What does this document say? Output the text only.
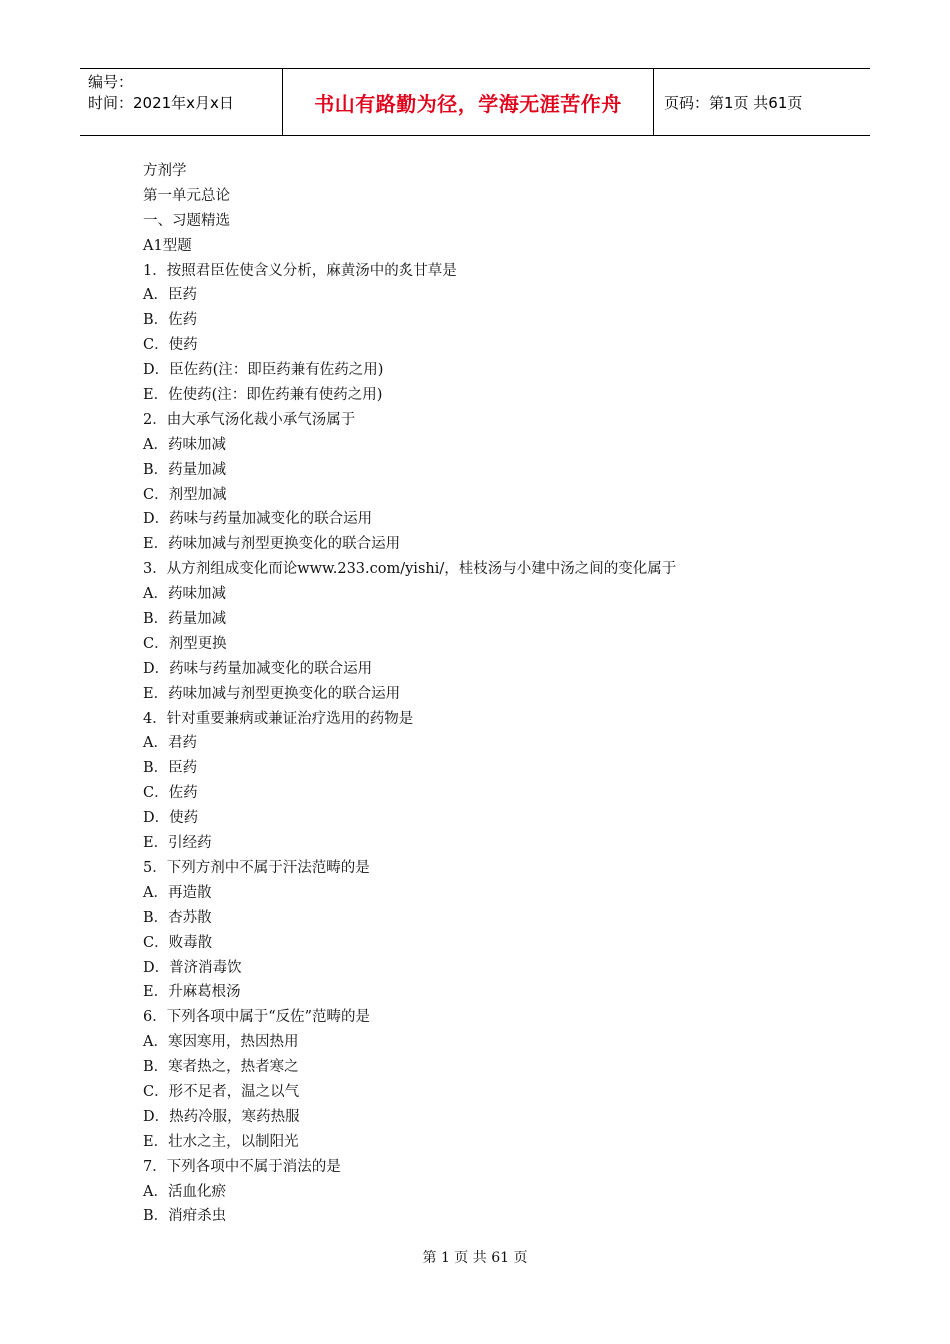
编号：
时间：2021年x月x日	书山有路勤为径，学海无涯苦作舟	页码：第1页 共61页
方剂学
第一单元总论
一、习题精选
A1型题
1．按照君臣佐使含义分析，麻黄汤中的炙甘草是
A．臣药
B．佐药
C．使药
D．臣佐药(注：即臣药兼有佐药之用)
E．佐使药(注：即佐药兼有使药之用)
2．由大承气汤化裁小承气汤属于
A．药味加减
B．药量加减
C．剂型加减
D．药味与药量加减变化的联合运用
E．药味加减与剂型更换变化的联合运用
3．从方剂组成变化而论www.233.com/yishi/，桂枝汤与小建中汤之间的变化属于
A．药味加减
B．药量加减
C．剂型更换
D．药味与药量加减变化的联合运用
E．药味加减与剂型更换变化的联合运用
4．针对重要兼病或兼证治疗选用的药物是
A．君药
B．臣药
C．佐药
D．使药
E．引经药
5．下列方剂中不属于汗法范畴的是
A．再造散
B．杏苏散
C．败毒散
D．普济消毒饮
E．升麻葛根汤
6．下列各项中属于“反佐”范畴的是
A．寒因寒用，热因热用
B．寒者热之，热者寒之
C．形不足者，温之以气
D．热药冷服，寒药热服
E．壮水之主，以制阳光
7．下列各项中不属于消法的是
A．活血化瘀
B．消疳杀虫
第 1 页 共 61 页
